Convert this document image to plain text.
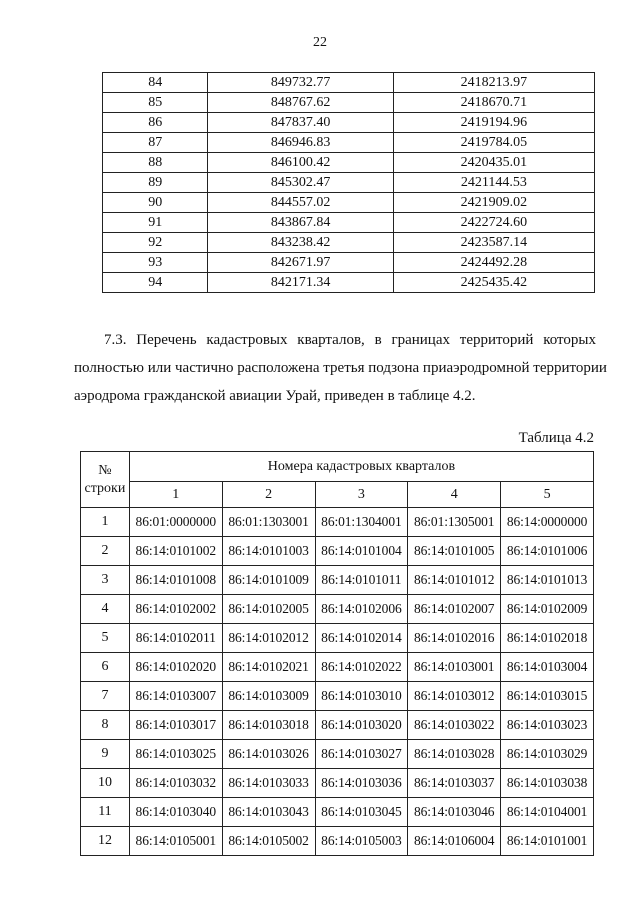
22
84	849732.77	2418213.97
85	848767.62	2418670.71
86	847837.40	2419194.96
87	846946.83	2419784.05
88	846100.42	2420435.01
89	845302.47	2421144.53
90	844557.02	2421909.02
91	843867.84	2422724.60
92	843238.42	2423587.14
93	842671.97	2424492.28
94	842171.34	2425435.42
7.3. Перечень кадастровых кварталов, в границах территорий которых
полностью или частично расположена третья подзона приаэродромной территории
аэродрома гражданской авиации Урай, приведен в таблице 4.2.
Таблица 4.2
№
строки	Номера кадастровых кварталов				
	1	2	3	4	5
1	86:01:0000000	86:01:1303001	86:01:1304001	86:01:1305001	86:14:0000000
2	86:14:0101002	86:14:0101003	86:14:0101004	86:14:0101005	86:14:0101006
3	86:14:0101008	86:14:0101009	86:14:0101011	86:14:0101012	86:14:0101013
4	86:14:0102002	86:14:0102005	86:14:0102006	86:14:0102007	86:14:0102009
5	86:14:0102011	86:14:0102012	86:14:0102014	86:14:0102016	86:14:0102018
6	86:14:0102020	86:14:0102021	86:14:0102022	86:14:0103001	86:14:0103004
7	86:14:0103007	86:14:0103009	86:14:0103010	86:14:0103012	86:14:0103015
8	86:14:0103017	86:14:0103018	86:14:0103020	86:14:0103022	86:14:0103023
9	86:14:0103025	86:14:0103026	86:14:0103027	86:14:0103028	86:14:0103029
10	86:14:0103032	86:14:0103033	86:14:0103036	86:14:0103037	86:14:0103038
11	86:14:0103040	86:14:0103043	86:14:0103045	86:14:0103046	86:14:0104001
12	86:14:0105001	86:14:0105002	86:14:0105003	86:14:0106004	86:14:0101001
